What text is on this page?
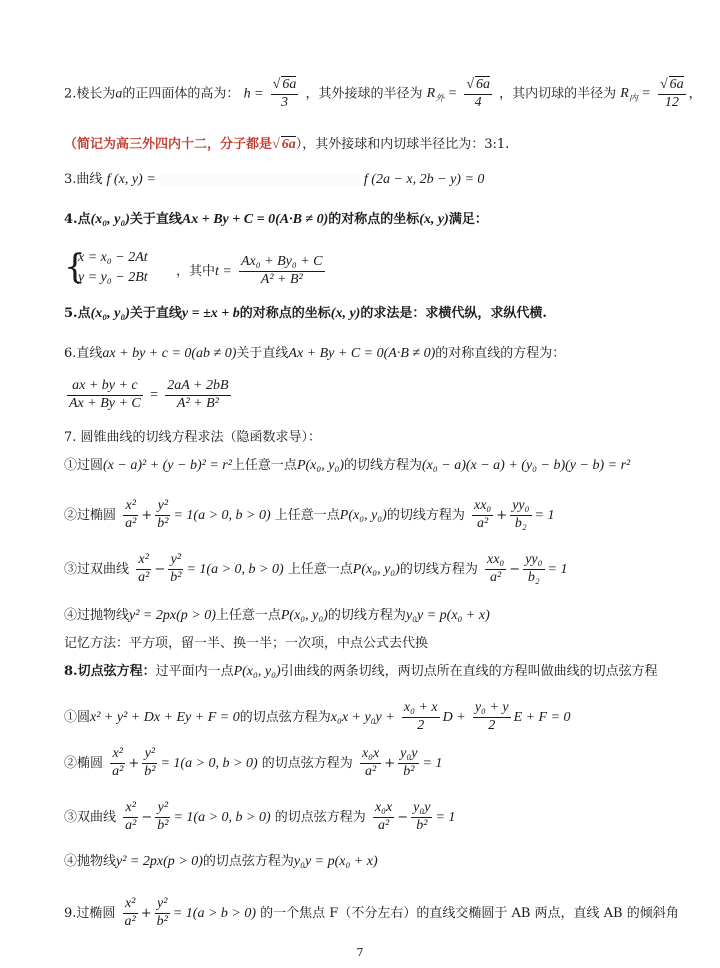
2.棱长为a的正四面体的高为： $h = \frac{√ 6a}{3}$ ，其外接球的半径为 $R_外 = \frac{√ 6a}{4}$ ，其内切球的半径为 $R_内 = \frac{√ 6a}{12}$ ，
（简记为高三外四内十二，分子都是√ 6a），其外接球和内切球半径比为：3:1.
3.曲线 f (x, y) =	f (2a − x, 2b − y) = 0
4.点(x₀, y₀)关于直线Ax + By + C = 0(A·B ≠ 0)的对称点的坐标(x, y)满足：
{
x = x₀ − 2At
y = y₀ − 2Bt ，其中$t = \frac{\text{Ax₀ + By₀ + C}}{\text{A² + B²}}$
5.点(x₀, y₀)关于直线y = ±x + b的对称点的坐标(x, y)的求法是：求横代纵，求纵代横.
6.直线ax + by + c = 0(ab ≠ 0)关于直线Ax + By + C = 0(A·B ≠ 0)的对称直线的方程为：
$\frac{ax + by + c}{Ax + By + C} = \frac{2aA + 2bB}{\text{A² + B²}}$
7. 圆锥曲线的切线方程求法（隐函数求导）：
①过圆(x − a)² + (y − b)² = r²上任意一点P(x₀, y₀)的切线方程为(x₀ − a)(x − a) + (y₀ − b)(y − b) = r²
②过椭圆 $\frac{\text{x²}}{\text{a²}} + \frac{\text{y²}}{\text{b²}} = 1(a > 0$, b > 0) 上任意一点P(x₀, y₀)的切线方程为 $\frac{\text{xx₀}}{\text{a²}} + \frac{\text{yy₀}}{\text{b₂}} = 1$
③过双曲线 $\frac{\text{x²}}{\text{a²}} - \frac{\text{y²}}{\text{b²}} = 1(a > 0$, b > 0) 上任意一点P(x₀, y₀)的切线方程为 $\frac{\text{xx₀}}{\text{a²}} - \frac{\text{yy₀}}{\text{b₂}} = 1$
④过抛物线y² = 2px(p > 0)上任意一点P(x₀, y₀)的切线方程为y₀y = p(x₀ + x)
记忆方法：平方项，留一半、换一半；一次项，中点公式去代换
8.切点弦方程：过平面内一点P(x₀, y₀)引曲线的两条切线，两切点所在直线的方程叫做曲线的切点弦方程
①圆x² + y² + Dx + Ey + F = 0的切点弦方程为$x_0x + y_0y + \frac{\text{x₀ + x}}{2}$ $D + \frac{\text{y₀ + y}}{2}$ E + F = 0
②椭圆 $\frac{\text{x²}}{\text{a²}} + \frac{\text{y²}}{\text{b²}} = 1(a > 0$, b > 0) 的切点弦方程为 $\frac{\text{x₀x}}{\text{a²}} + \frac{\text{y₀y}}{\text{b²}} = 1$
③双曲线 $\frac{\text{x²}}{\text{a²}} - \frac{\text{y²}}{\text{b²}} = 1(a > 0$, b > 0) 的切点弦方程为 $\frac{\text{x₀x}}{\text{a²}} - \frac{\text{y₀y}}{\text{b²}} = 1$
④抛物线y² = 2px(p > 0)的切点弦方程为y₀y = p(x₀ + x)
9.过椭圆 $\frac{\text{x²}}{\text{a²}} + \frac{\text{y²}}{\text{b²}} = 1(a > b > 0)$ 的一个焦点 F（不分左右）的直线交椭圆于 AB 两点，直线 AB 的倾斜角
7
